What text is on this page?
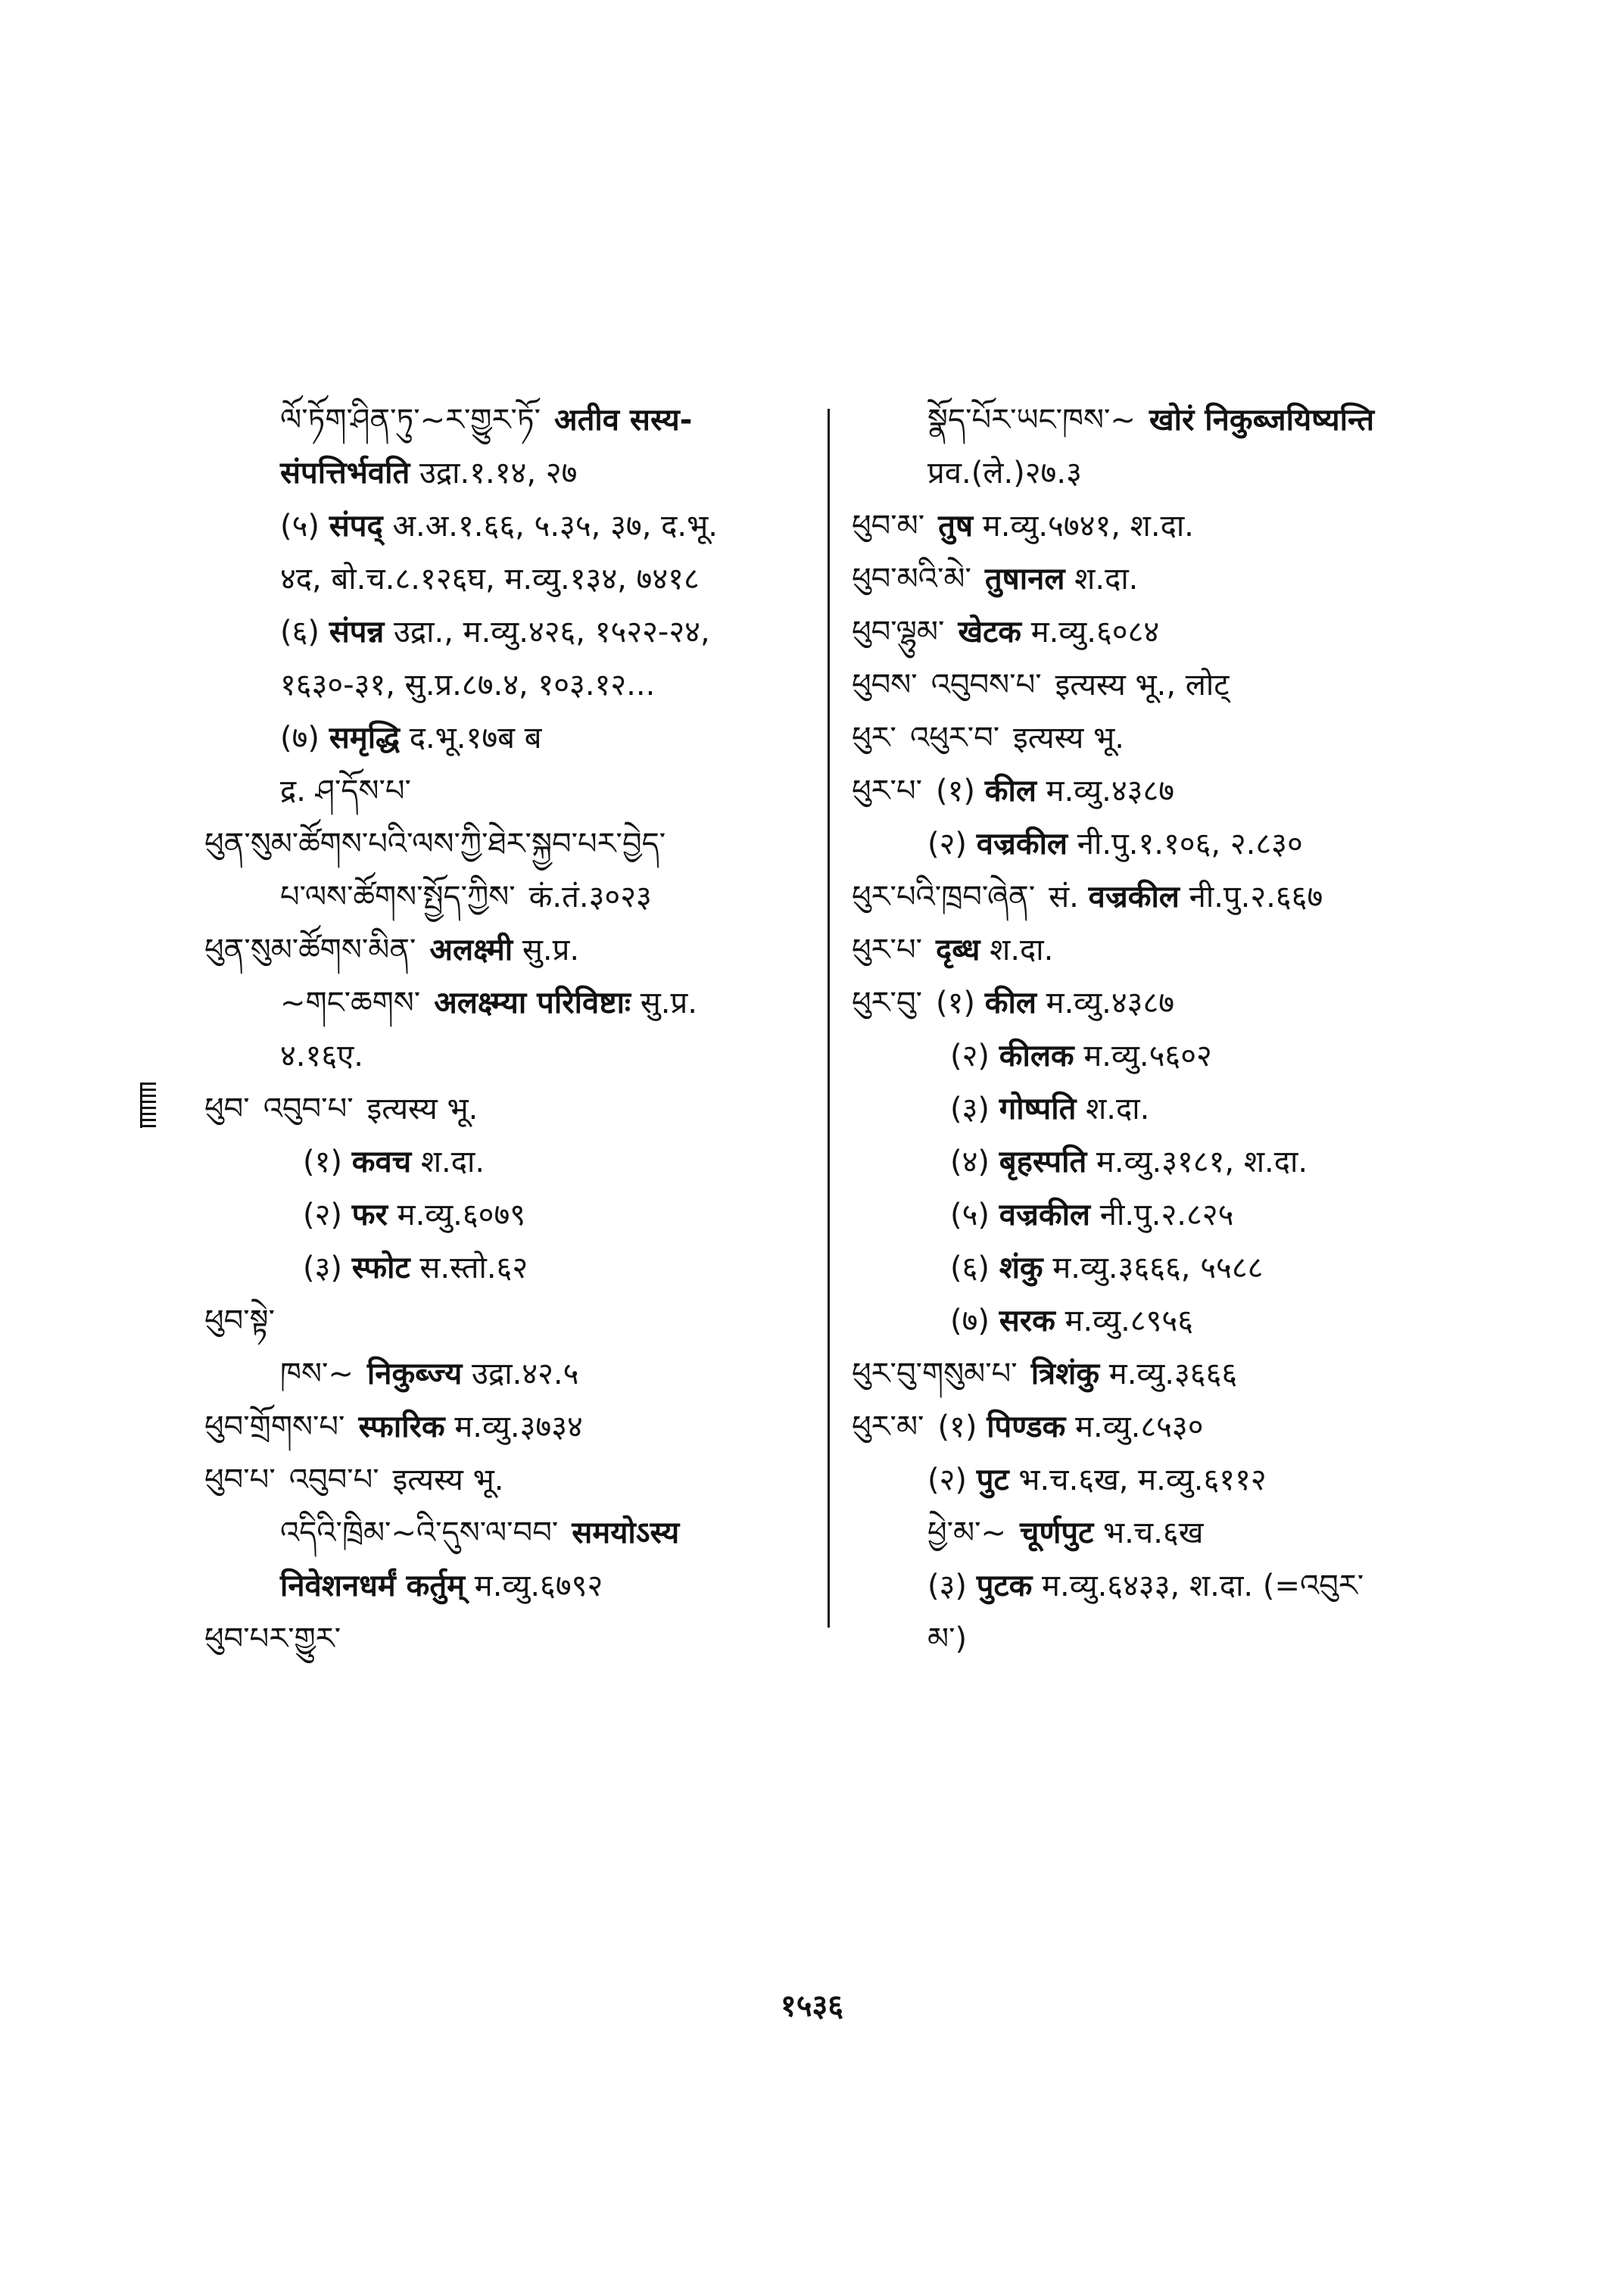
ལོ་ཏོག་ཤིན་ཏུ་~ར་གྱུར་ཏོ་ अतीव सस्य-
संपत्तिर्भवति उद्रा.१.१४, २७
(५) संपद् अ.अ.१.६६, ५.३५, ३७, द.भू.
४द, बो.च.८.१२६घ, म.व्यु.१३४, ७४१८
(६) संपन्न उद्रा., म.व्यु.४२६, १५२२-२४,
१६३०-३१, सु.प्र.८७.४, १०३.१२...
(७) समृद्धि द.भू.१७ब ब
द्र. ཤ་དོས་པ་
ཕུན་སུམ་ཚོགས་པའི་ལས་ཀྱི་ཐེར་སྐྱབ་པར་བྱེད་
པ་ལས་ཚོགས་སྤྱོད་ཀྱིས་ कं.तं.३०२३
ཕུན་སུམ་ཚོགས་མིན་ अलक्ष्मी सु.प्र.
~གང་ཆགས་ अलक्ष्म्या परिविष्टाः सु.प्र.
४.१६ए.
ཕུབ་ འབུབ་པ་ इत्यस्य भू.
(१) कवच श.दा.
(२) फर म.व्यु.६०७९
(३) स्फोट स.स्तो.६२
ཕུབ་སྟེ་
ཁས་~ निकुब्ज्य उद्रा.४२.५
ཕུབ་གྲོགས་པ་ स्फारिक म.व्यु.३७३४
ཕུབ་པ་ འབུབ་པ་ इत्यस्य भू.
འདིའི་ཁྲིམ་~འི་དུས་ལ་བབ་ समयोऽस्य
निवेशनधर्मं कर्तुम् म.व्यु.६७९२
ཕུབ་པར་གྱུར་
སྣོད་པོར་ཡང་ཁས་~ खोरं निकुब्जयिष्यन्ति
प्रव.(ले.)२७.३
ཕུབ་མ་ तुष म.व्यु.५७४१, श.दा.
ཕུབ་མའི་མེ་ तुषानल श.दा.
ཕུབ་ལྷུམ་ खेटक म.व्यु.६०८४
ཕུབས་ འབུབས་པ་ इत्यस्य भू., लोट्
ཕུར་ འཕུར་བ་ इत्यस्य भू.
ཕུར་པ་ (१) कील म.व्यु.४३८७
(२) वज्रकील नी.पु.१.१०६, २.८३०
ཕུར་པའི་ཁྲབ་ཞེན་ सं. वज्रकील नी.पु.२.६६७
ཕུར་པ་ दृब्ध श.दा.
ཕུར་བུ་ (१) कील म.व्यु.४३८७
(२) कीलक म.व्यु.५६०२
(३) गोष्पति श.दा.
(४) बृहस्पति म.व्यु.३१८१, श.दा.
(५) वज्रकील नी.पु.२.८२५
(६) शंकु म.व्यु.३६६६, ५५८८
(७) सरक म.व्यु.८९५६
ཕུར་བུ་གསུམ་པ་ त्रिशंकु म.व्यु.३६६६
ཕུར་མ་ (१) पिण्डक म.व्यु.८५३०
(२) पुट भ.च.६ख, म.व्यु.६११२
ཕྱེ་མ་~ चूर्णपुट भ.च.६ख
(३) पुटक म.व्यु.६४३३, श.दा. (=འབུར་
མ་)
१५३६
